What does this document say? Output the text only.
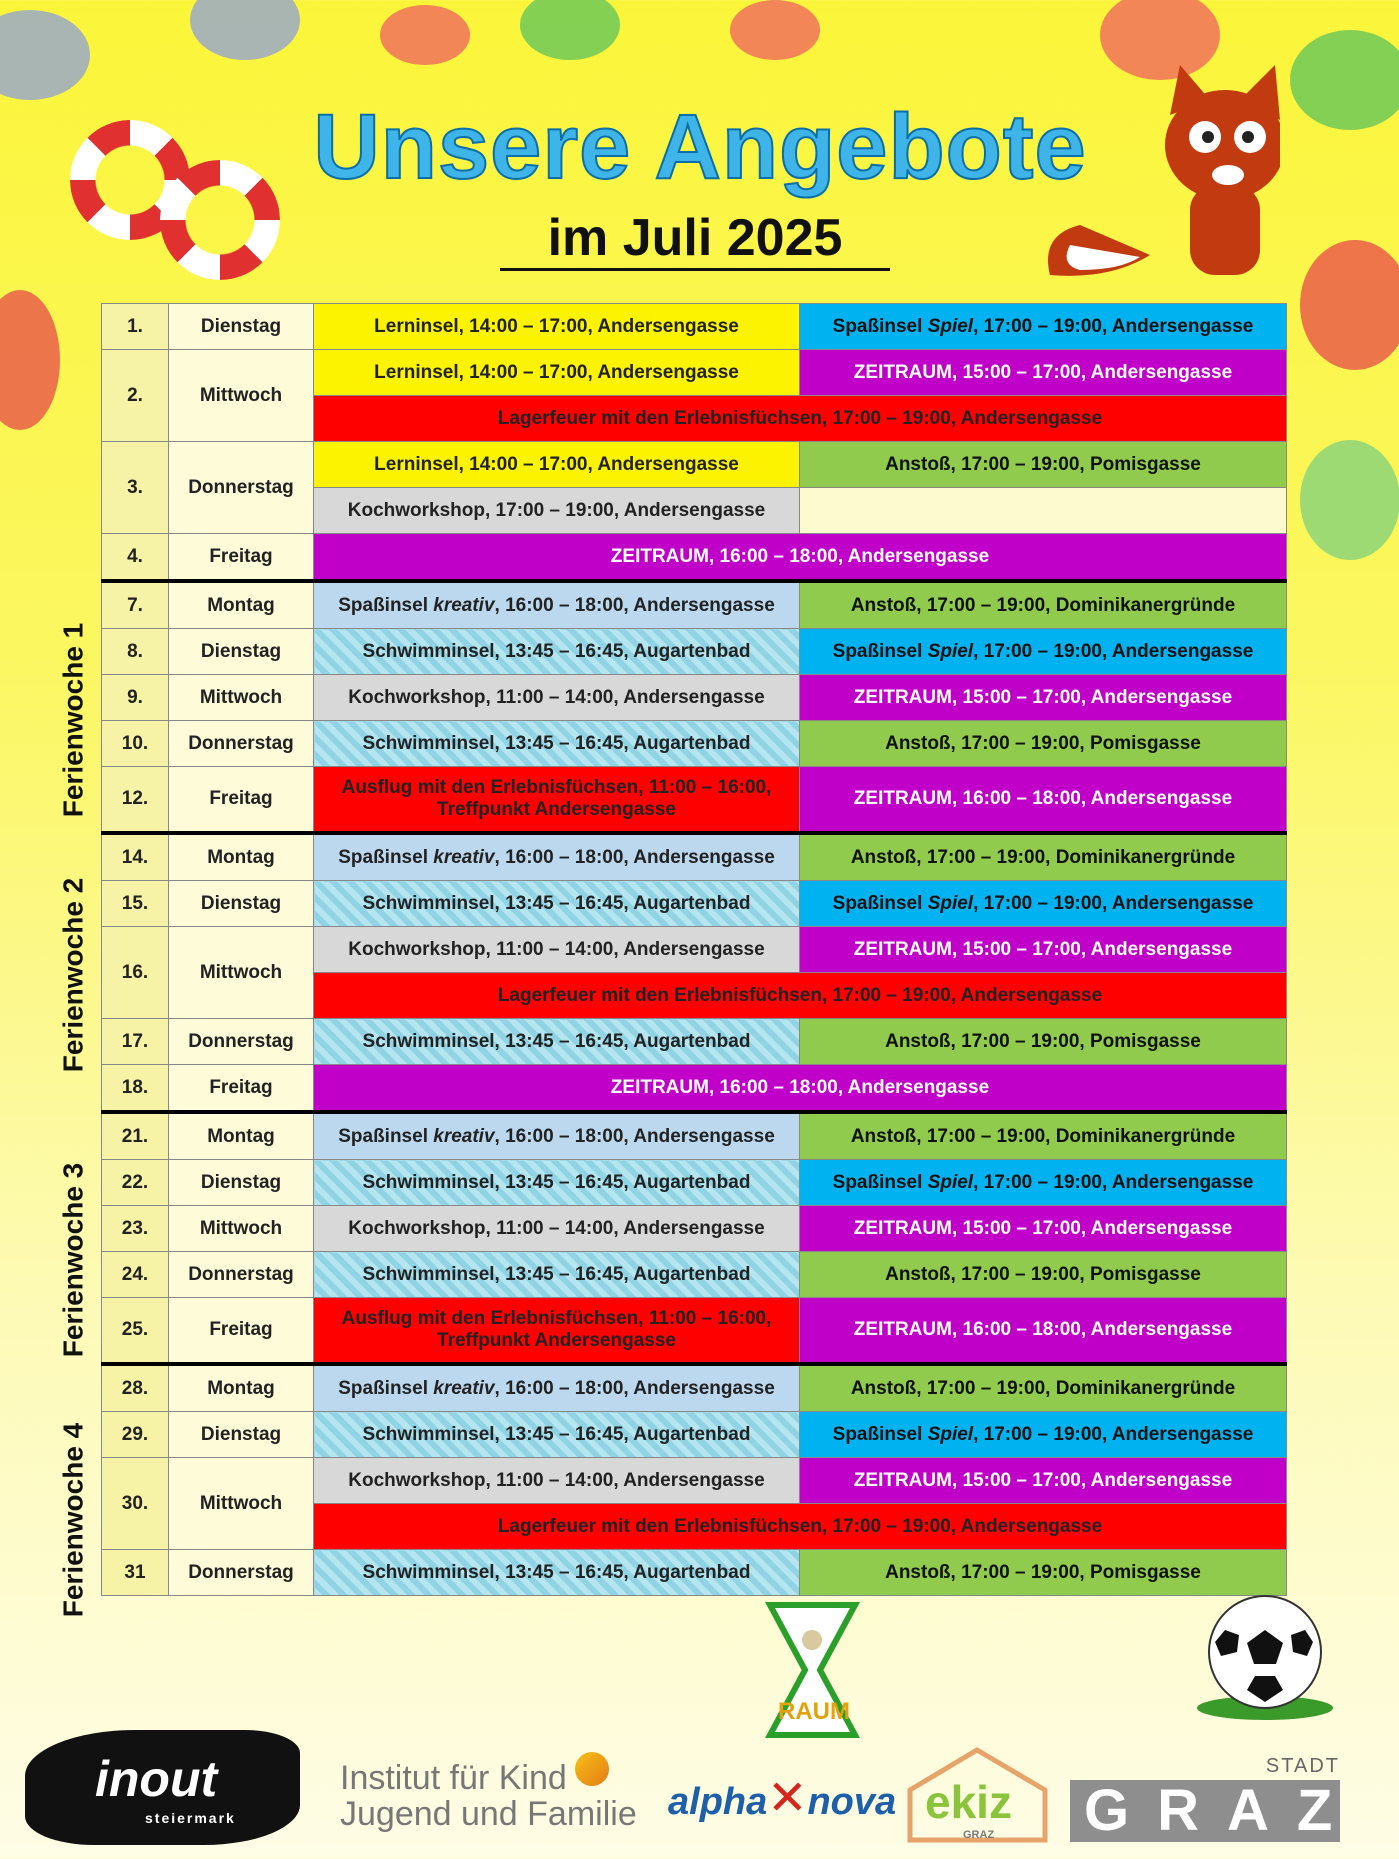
Unsere Angebote
im Juli 2025
Ferienwoche 1
Ferienwoche 2
Ferienwoche 3
Ferienwoche 4
1.	Dienstag	Lerninsel, 14:00 – 17:00, Andersengasse	Spaßinsel Spiel, 17:00 – 19:00, Andersengasse
2.	Mittwoch	Lerninsel, 14:00 – 17:00, Andersengasse	ZEITRAUM, 15:00 – 17:00, Andersengasse
		Lagerfeuer mit den Erlebnisfüchsen, 17:00 – 19:00, Andersengasse	
3.	Donnerstag	Lerninsel, 14:00 – 17:00, Andersengasse	Anstoß, 17:00 – 19:00, Pomisgasse
		Kochworkshop, 17:00 – 19:00, Andersengasse	
4.	Freitag	ZEITRAUM, 16:00 – 18:00, Andersengasse	
7.	Montag	Spaßinsel kreativ, 16:00 – 18:00, Andersengasse	Anstoß, 17:00 – 19:00, Dominikanergründe
8.	Dienstag	Schwimminsel, 13:45 – 16:45, Augartenbad	Spaßinsel Spiel, 17:00 – 19:00, Andersengasse
9.	Mittwoch	Kochworkshop, 11:00 – 14:00, Andersengasse	ZEITRAUM, 15:00 – 17:00, Andersengasse
10.	Donnerstag	Schwimminsel, 13:45 – 16:45, Augartenbad	Anstoß, 17:00 – 19:00, Pomisgasse
12.	Freitag	Ausflug mit den Erlebnisfüchsen, 11:00 – 16:00, Treffpunkt Andersengasse	ZEITRAUM, 16:00 – 18:00, Andersengasse
14.	Montag	Spaßinsel kreativ, 16:00 – 18:00, Andersengasse	Anstoß, 17:00 – 19:00, Dominikanergründe
15.	Dienstag	Schwimminsel, 13:45 – 16:45, Augartenbad	Spaßinsel Spiel, 17:00 – 19:00, Andersengasse
16.	Mittwoch	Kochworkshop, 11:00 – 14:00, Andersengasse	ZEITRAUM, 15:00 – 17:00, Andersengasse
		Lagerfeuer mit den Erlebnisfüchsen, 17:00 – 19:00, Andersengasse	
17.	Donnerstag	Schwimminsel, 13:45 – 16:45, Augartenbad	Anstoß, 17:00 – 19:00, Pomisgasse
18.	Freitag	ZEITRAUM, 16:00 – 18:00, Andersengasse	
21.	Montag	Spaßinsel kreativ, 16:00 – 18:00, Andersengasse	Anstoß, 17:00 – 19:00, Dominikanergründe
22.	Dienstag	Schwimminsel, 13:45 – 16:45, Augartenbad	Spaßinsel Spiel, 17:00 – 19:00, Andersengasse
23.	Mittwoch	Kochworkshop, 11:00 – 14:00, Andersengasse	ZEITRAUM, 15:00 – 17:00, Andersengasse
24.	Donnerstag	Schwimminsel, 13:45 – 16:45, Augartenbad	Anstoß, 17:00 – 19:00, Pomisgasse
25.	Freitag	Ausflug mit den Erlebnisfüchsen, 11:00 – 16:00, Treffpunkt Andersengasse	ZEITRAUM, 16:00 – 18:00, Andersengasse
28.	Montag	Spaßinsel kreativ, 16:00 – 18:00, Andersengasse	Anstoß, 17:00 – 19:00, Dominikanergründe
29.	Dienstag	Schwimminsel, 13:45 – 16:45, Augartenbad	Spaßinsel Spiel, 17:00 – 19:00, Andersengasse
30.	Mittwoch	Kochworkshop, 11:00 – 14:00, Andersengasse	ZEITRAUM, 15:00 – 17:00, Andersengasse
		Lagerfeuer mit den Erlebnisfüchsen, 17:00 – 19:00, Andersengasse	
31	Donnerstag	Schwimminsel, 13:45 – 16:45, Augartenbad	Anstoß, 17:00 – 19:00, Pomisgasse
RAUM
inout
steiermark
Institut für Kind
Jugend und Familie alpha✕nova ekiz
GRAZ
STADT
GRAZ
